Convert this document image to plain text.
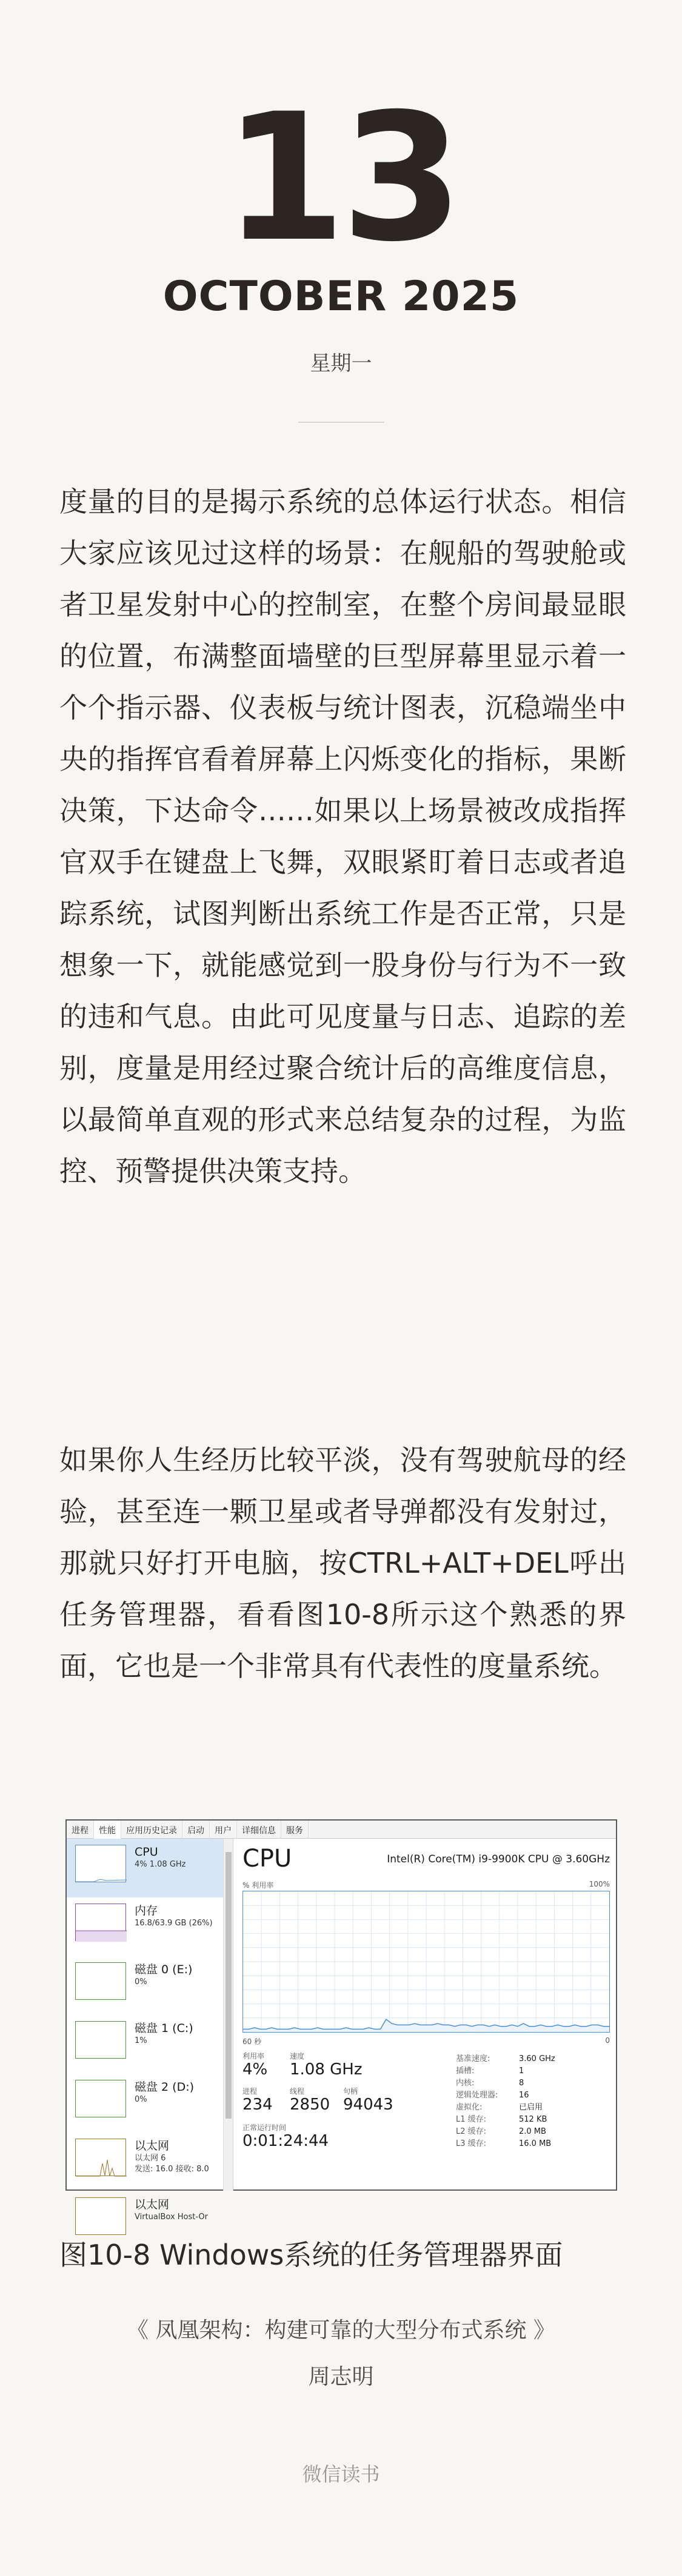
13
OCTOBER 2025
星期一
度量的目的是揭示系统的总体运行状态。相信大家应该见过这样的场景：在舰船的驾驶舱或者卫星发射中心的控制室，在整个房间最显眼的位置，布满整面墙壁的巨型屏幕里显示着一个个指示器、仪表板与统计图表，沉稳端坐中央的指挥官看着屏幕上闪烁变化的指标，果断决策，下达命令……如果以上场景被改成指挥官双手在键盘上飞舞，双眼紧盯着日志或者追踪系统，试图判断出系统工作是否正常，只是想象一下，就能感觉到一股身份与行为不一致的违和气息。由此可见度量与日志、追踪的差别，度量是用经过聚合统计后的高维度信息，以最简单直观的形式来总结复杂的过程，为监控、预警提供决策支持。
如果你人生经历比较平淡，没有驾驶航母的经验，甚至连一颗卫星或者导弹都没有发射过，那就只好打开电脑，按CTRL+ALT+DEL呼出任务管理器，看看图10-8所示这个熟悉的界面，它也是一个非常具有代表性的度量系统。
进程	性能	应用历史记录	启动	用户	详细信息	服务
CPU
4% 1.08 GHz
内存
16.8/63.9 GB (26%)
磁盘 0 (E:)
0%
磁盘 1 (C:)
1%
磁盘 2 (D:)
0%
以太网
以太网 6
发送: 16.0 接收: 8.0
以太网
VirtualBox Host-Or
CPU	Intel(R) Core(TM) i9-9900K CPU @ 3.60GHz
% 利用率	100%
60 秒	0
利用率
4%
速度
1.08 GHz
进程
234
线程
2850
句柄
94043
正常运行时间
0:01:24:44
基准速度:	3.60 GHz
插槽:	1
内核:	8
逻辑处理器:	16
虚拟化:	已启用
L1 缓存:	512 KB
L2 缓存:	2.0 MB
L3 缓存:	16.0 MB
图10-8 Windows系统的任务管理器界面
《 凤凰架构：构建可靠的大型分布式系统 》
周志明
微信读书
